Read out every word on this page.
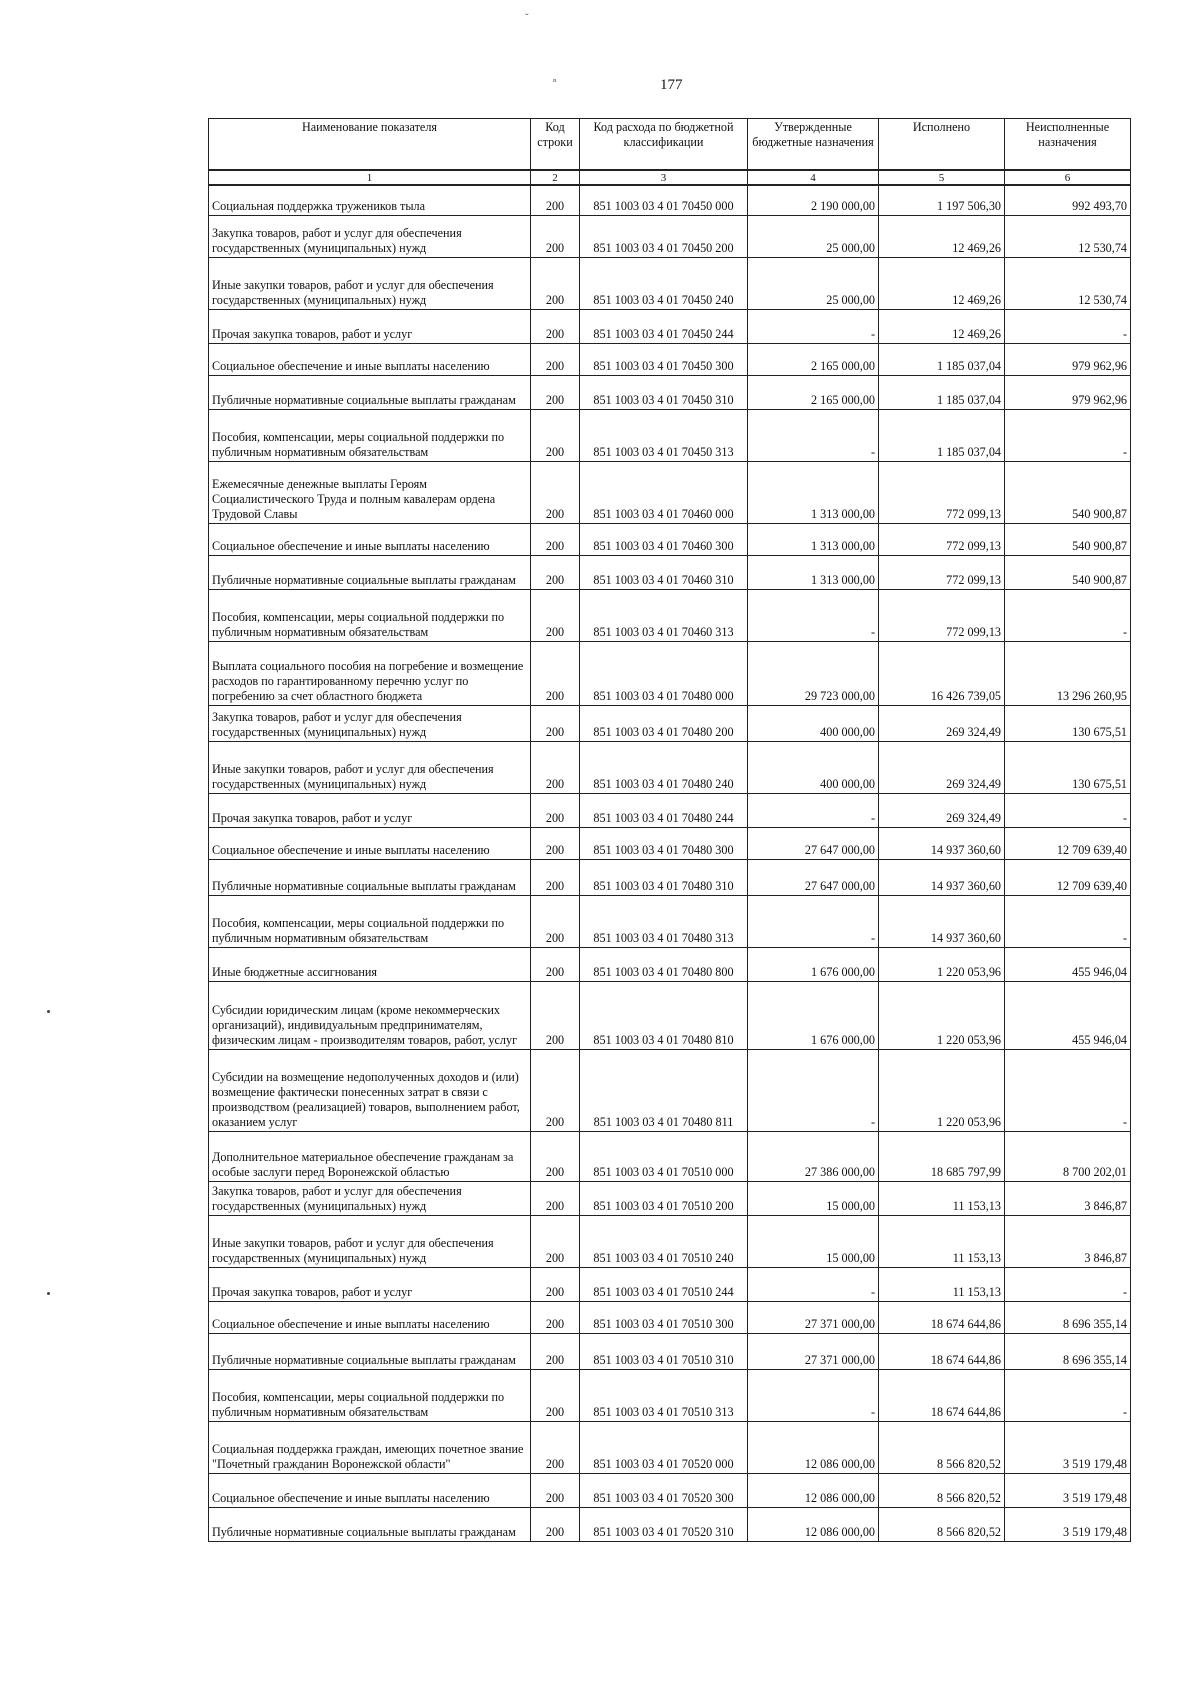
ˇ
ⁿ	177
Наименование показателя	Код строки	Код расхода по бюджетной классификации	Утвержденные бюджетные назначения	Исполнено	Неисполненные назначения
1	2	3	4	5	6
Социальная поддержка тружеников тыла	200	851 1003 03 4 01 70450 000	2 190 000,00	1 197 506,30	992 493,70
Закупка товаров, работ и услуг для обеспечения государственных (муниципальных) нужд	200	851 1003 03 4 01 70450 200	25 000,00	12 469,26	12 530,74
Иные закупки товаров, работ и услуг для обеспечения государственных (муниципальных) нужд	200	851 1003 03 4 01 70450 240	25 000,00	12 469,26	12 530,74
Прочая закупка товаров, работ и услуг	200	851 1003 03 4 01 70450 244	-	12 469,26	-
Социальное обеспечение и иные выплаты населению	200	851 1003 03 4 01 70450 300	2 165 000,00	1 185 037,04	979 962,96
Публичные нормативные социальные выплаты гражданам	200	851 1003 03 4 01 70450 310	2 165 000,00	1 185 037,04	979 962,96
Пособия, компенсации, меры социальной поддержки по публичным нормативным обязательствам	200	851 1003 03 4 01 70450 313	-	1 185 037,04	-
Ежемесячные денежные выплаты Героям Социалистического Труда и полным кавалерам ордена Трудовой Славы	200	851 1003 03 4 01 70460 000	1 313 000,00	772 099,13	540 900,87
Социальное обеспечение и иные выплаты населению	200	851 1003 03 4 01 70460 300	1 313 000,00	772 099,13	540 900,87
Публичные нормативные социальные выплаты гражданам	200	851 1003 03 4 01 70460 310	1 313 000,00	772 099,13	540 900,87
Пособия, компенсации, меры социальной поддержки по публичным нормативным обязательствам	200	851 1003 03 4 01 70460 313	-	772 099,13	-
Выплата социального пособия на погребение и возмещение расходов по гарантированному перечню услуг по погребению за счет областного бюджета	200	851 1003 03 4 01 70480 000	29 723 000,00	16 426 739,05	13 296 260,95
Закупка товаров, работ и услуг для обеспечения государственных (муниципальных) нужд	200	851 1003 03 4 01 70480 200	400 000,00	269 324,49	130 675,51
Иные закупки товаров, работ и услуг для обеспечения государственных (муниципальных) нужд	200	851 1003 03 4 01 70480 240	400 000,00	269 324,49	130 675,51
Прочая закупка товаров, работ и услуг	200	851 1003 03 4 01 70480 244	-	269 324,49	-
Социальное обеспечение и иные выплаты населению	200	851 1003 03 4 01 70480 300	27 647 000,00	14 937 360,60	12 709 639,40
Публичные нормативные социальные выплаты гражданам	200	851 1003 03 4 01 70480 310	27 647 000,00	14 937 360,60	12 709 639,40
Пособия, компенсации, меры социальной поддержки по публичным нормативным обязательствам	200	851 1003 03 4 01 70480 313	-	14 937 360,60	-
Иные бюджетные ассигнования	200	851 1003 03 4 01 70480 800	1 676 000,00	1 220 053,96	455 946,04
Субсидии юридическим лицам (кроме некоммерческих организаций), индивидуальным предпринимателям, физическим лицам - производителям товаров, работ, услуг	200	851 1003 03 4 01 70480 810	1 676 000,00	1 220 053,96	455 946,04
Субсидии на возмещение недополученных доходов и (или) возмещение фактически понесенных затрат в связи с производством (реализацией) товаров, выполнением работ, оказанием услуг	200	851 1003 03 4 01 70480 811	-	1 220 053,96	-
Дополнительное материальное обеспечение гражданам за особые заслуги перед Воронежской областью	200	851 1003 03 4 01 70510 000	27 386 000,00	18 685 797,99	8 700 202,01
Закупка товаров, работ и услуг для обеспечения государственных (муниципальных) нужд	200	851 1003 03 4 01 70510 200	15 000,00	11 153,13	3 846,87
Иные закупки товаров, работ и услуг для обеспечения государственных (муниципальных) нужд	200	851 1003 03 4 01 70510 240	15 000,00	11 153,13	3 846,87
Прочая закупка товаров, работ и услуг	200	851 1003 03 4 01 70510 244	-	11 153,13	-
Социальное обеспечение и иные выплаты населению	200	851 1003 03 4 01 70510 300	27 371 000,00	18 674 644,86	8 696 355,14
Публичные нормативные социальные выплаты гражданам	200	851 1003 03 4 01 70510 310	27 371 000,00	18 674 644,86	8 696 355,14
Пособия, компенсации, меры социальной поддержки по публичным нормативным обязательствам	200	851 1003 03 4 01 70510 313	-	18 674 644,86	-
Социальная поддержка граждан, имеющих почетное звание "Почетный гражданин Воронежской области"	200	851 1003 03 4 01 70520 000	12 086 000,00	8 566 820,52	3 519 179,48
Социальное обеспечение и иные выплаты населению	200	851 1003 03 4 01 70520 300	12 086 000,00	8 566 820,52	3 519 179,48
Публичные нормативные социальные выплаты гражданам	200	851 1003 03 4 01 70520 310	12 086 000,00	8 566 820,52	3 519 179,48
